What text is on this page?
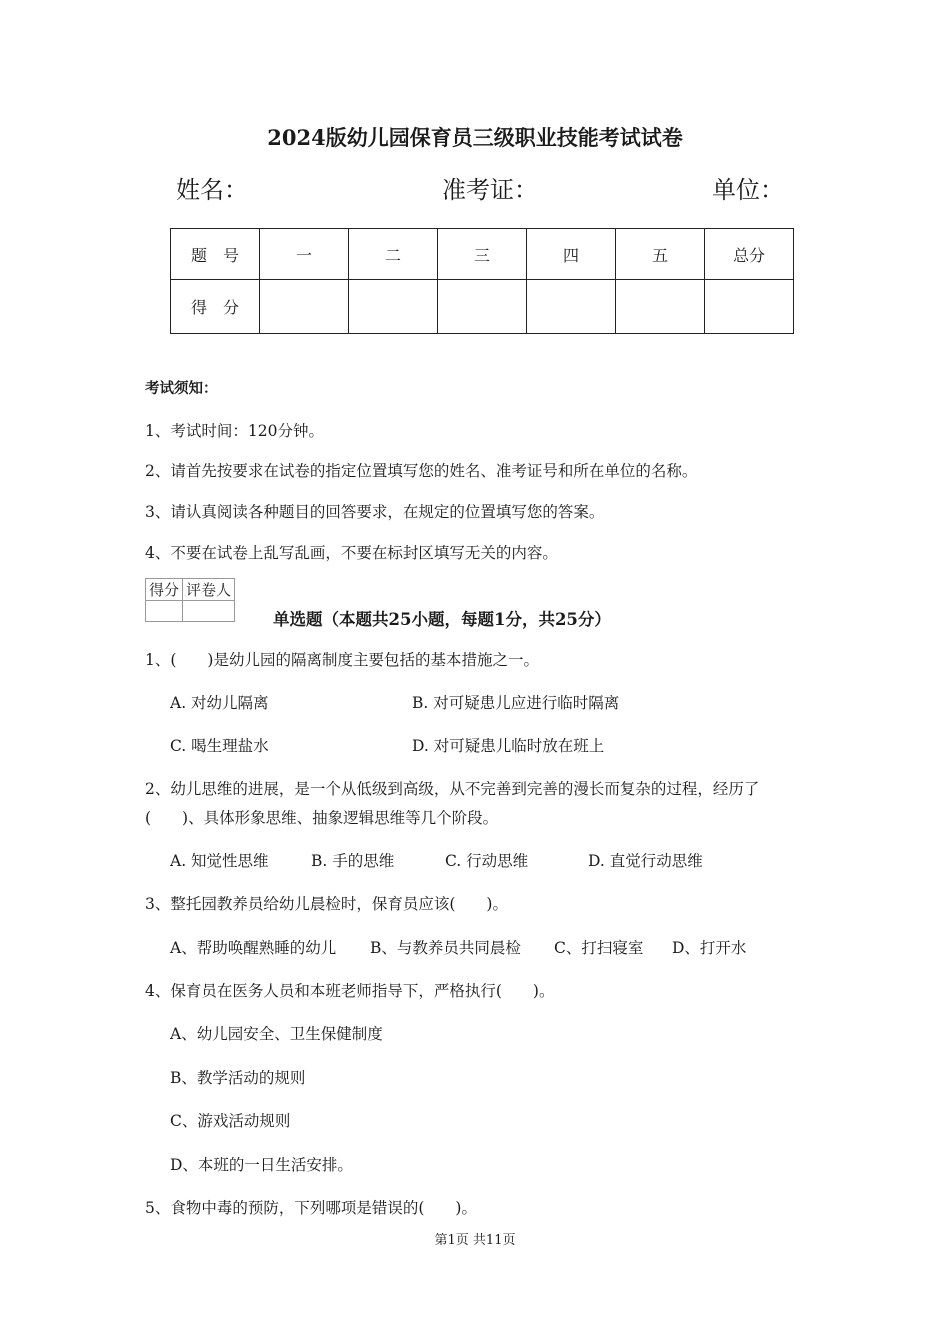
2024版幼儿园保育员三级职业技能考试试卷
姓名：	准考证：	单位：
题　号	一	二	三	四	五	总分
得　分						
考试须知：
1、考试时间：120分钟。
2、请首先按要求在试卷的指定位置填写您的姓名、准考证号和所在单位的名称。
3、请认真阅读各种题目的回答要求，在规定的位置填写您的答案。
4、不要在试卷上乱写乱画，不要在标封区填写无关的内容。
得分	评卷人

单选题（本题共25小题，每题1分，共25分）
1、(　　)是幼儿园的隔离制度主要包括的基本措施之一。
A. 对幼儿隔离	B. 对可疑患儿应进行临时隔离
C. 喝生理盐水	D. 对可疑患儿临时放在班上
2、幼儿思维的进展，是一个从低级到高级，从不完善到完善的漫长而复杂的过程，经历了
(　　)、具体形象思维、抽象逻辑思维等几个阶段。
A. 知觉性思维	B. 手的思维	C. 行动思维	D. 直觉行动思维
3、整托园教养员给幼儿晨检时，保育员应该(　　)。
A、帮助唤醒熟睡的幼儿 B、与教养员共同晨检 C、打扫寝室 D、打开水
4、保育员在医务人员和本班老师指导下，严格执行(　　)。
A、幼儿园安全、卫生保健制度
B、教学活动的规则
C、游戏活动规则
D、本班的一日生活安排。
5、食物中毒的预防，下列哪项是错误的(　　)。
第1页 共11页
